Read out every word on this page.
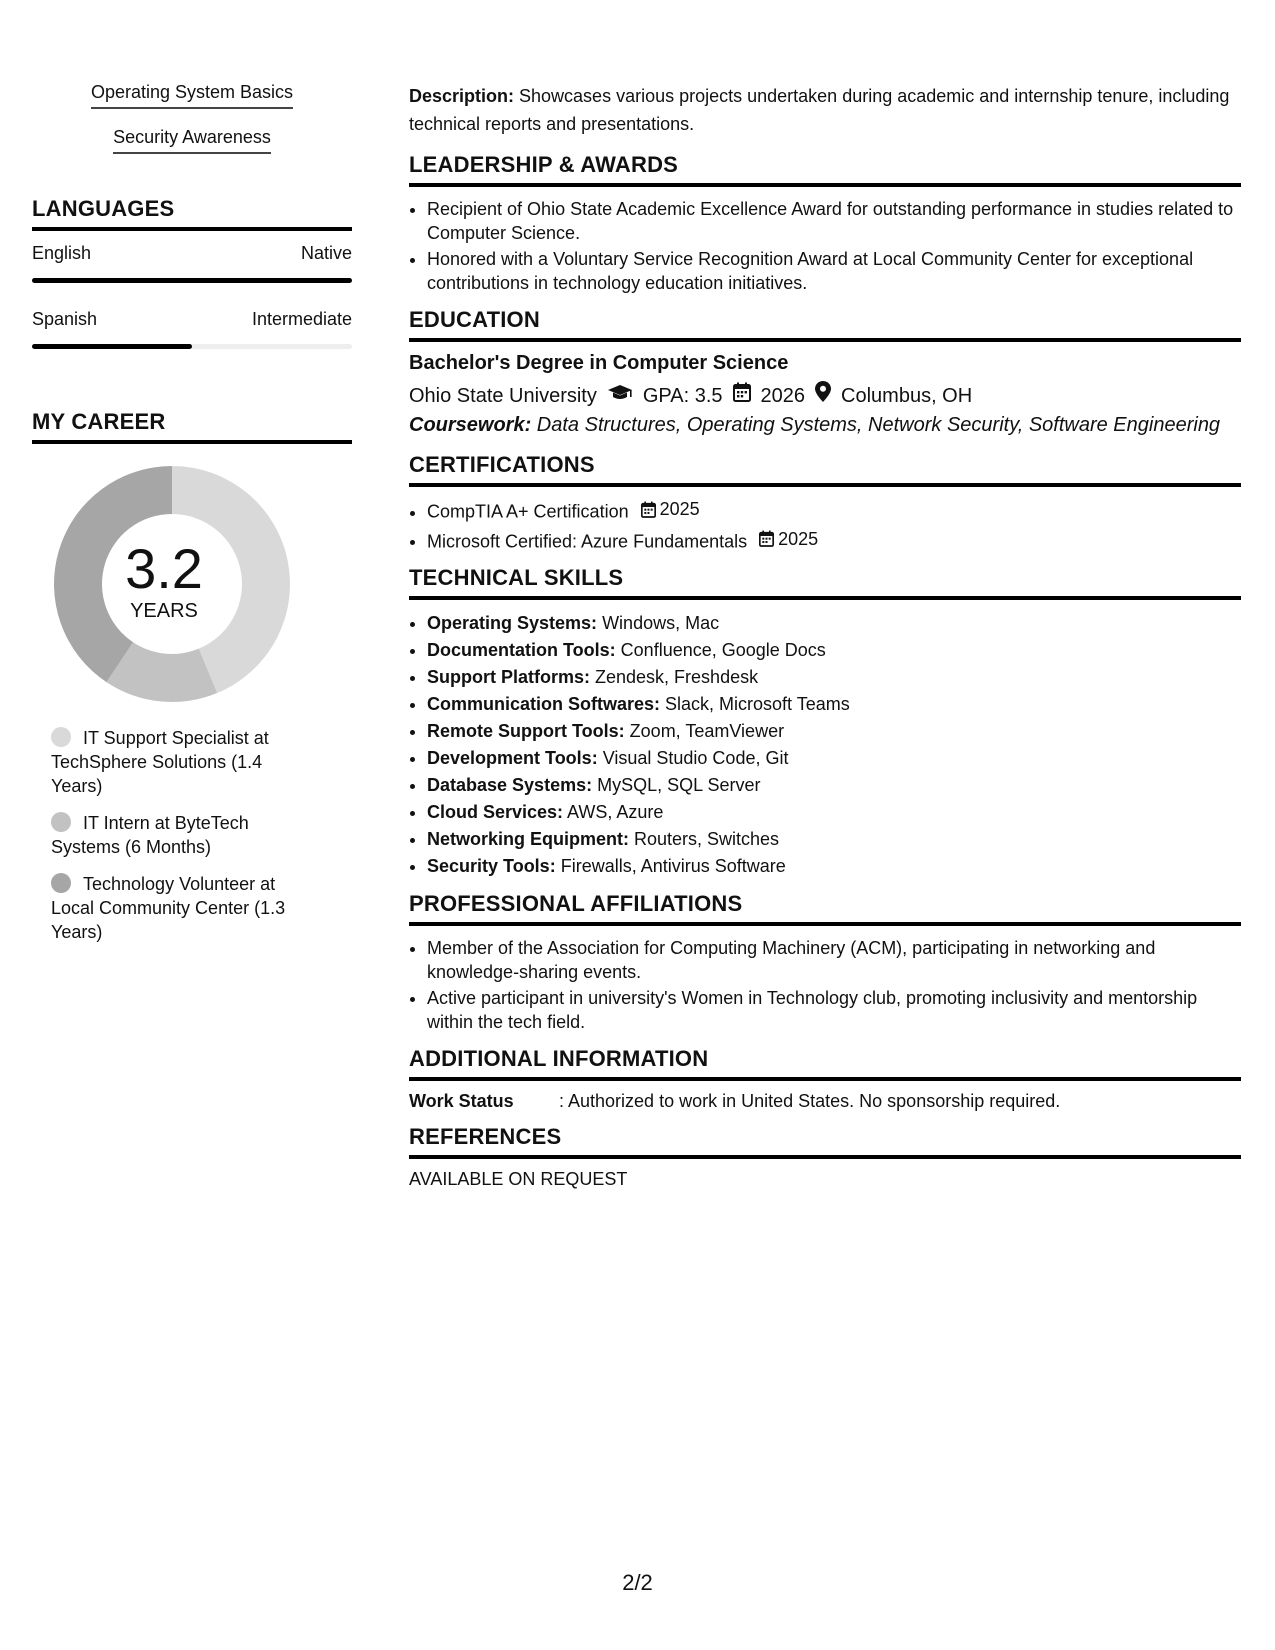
Operating System Basics
Security Awareness
LANGUAGES
English	Native
Spanish	Intermediate
MY CAREER
3.2
YEARS
IT Support Specialist at TechSphere Solutions (1.4 Years)
IT Intern at ByteTech Systems (6 Months)
Technology Volunteer at Local Community Center (1.3 Years)

Description: Showcases various projects undertaken during academic and internship tenure, including technical reports and presentations.

LEADERSHIP & AWARDS
• Recipient of Ohio State Academic Excellence Award for outstanding performance in studies related to Computer Science.
• Honored with a Voluntary Service Recognition Award at Local Community Center for exceptional contributions in technology education initiatives.
EDUCATION
Bachelor's Degree in Computer Science
Ohio State University GPA: 3.5 2026 Columbus, OH
Coursework: Data Structures, Operating Systems, Network Security, Software Engineering
CERTIFICATIONS
• CompTIA A+ Certification 2025
• Microsoft Certified: Azure Fundamentals 2025
TECHNICAL SKILLS
• Operating Systems: Windows, Mac
• Documentation Tools: Confluence, Google Docs
• Support Platforms: Zendesk, Freshdesk
• Communication Softwares: Slack, Microsoft Teams
• Remote Support Tools: Zoom, TeamViewer
• Development Tools: Visual Studio Code, Git
• Database Systems: MySQL, SQL Server
• Cloud Services: AWS, Azure
• Networking Equipment: Routers, Switches
• Security Tools: Firewalls, Antivirus Software
PROFESSIONAL AFFILIATIONS
• Member of the Association for Computing Machinery (ACM), participating in networking and knowledge-sharing events.
• Active participant in university's Women in Technology club, promoting inclusivity and mentorship within the tech field.
ADDITIONAL INFORMATION
Work Status	: Authorized to work in United States. No sponsorship required.
REFERENCES
AVAILABLE ON REQUEST
2/2
